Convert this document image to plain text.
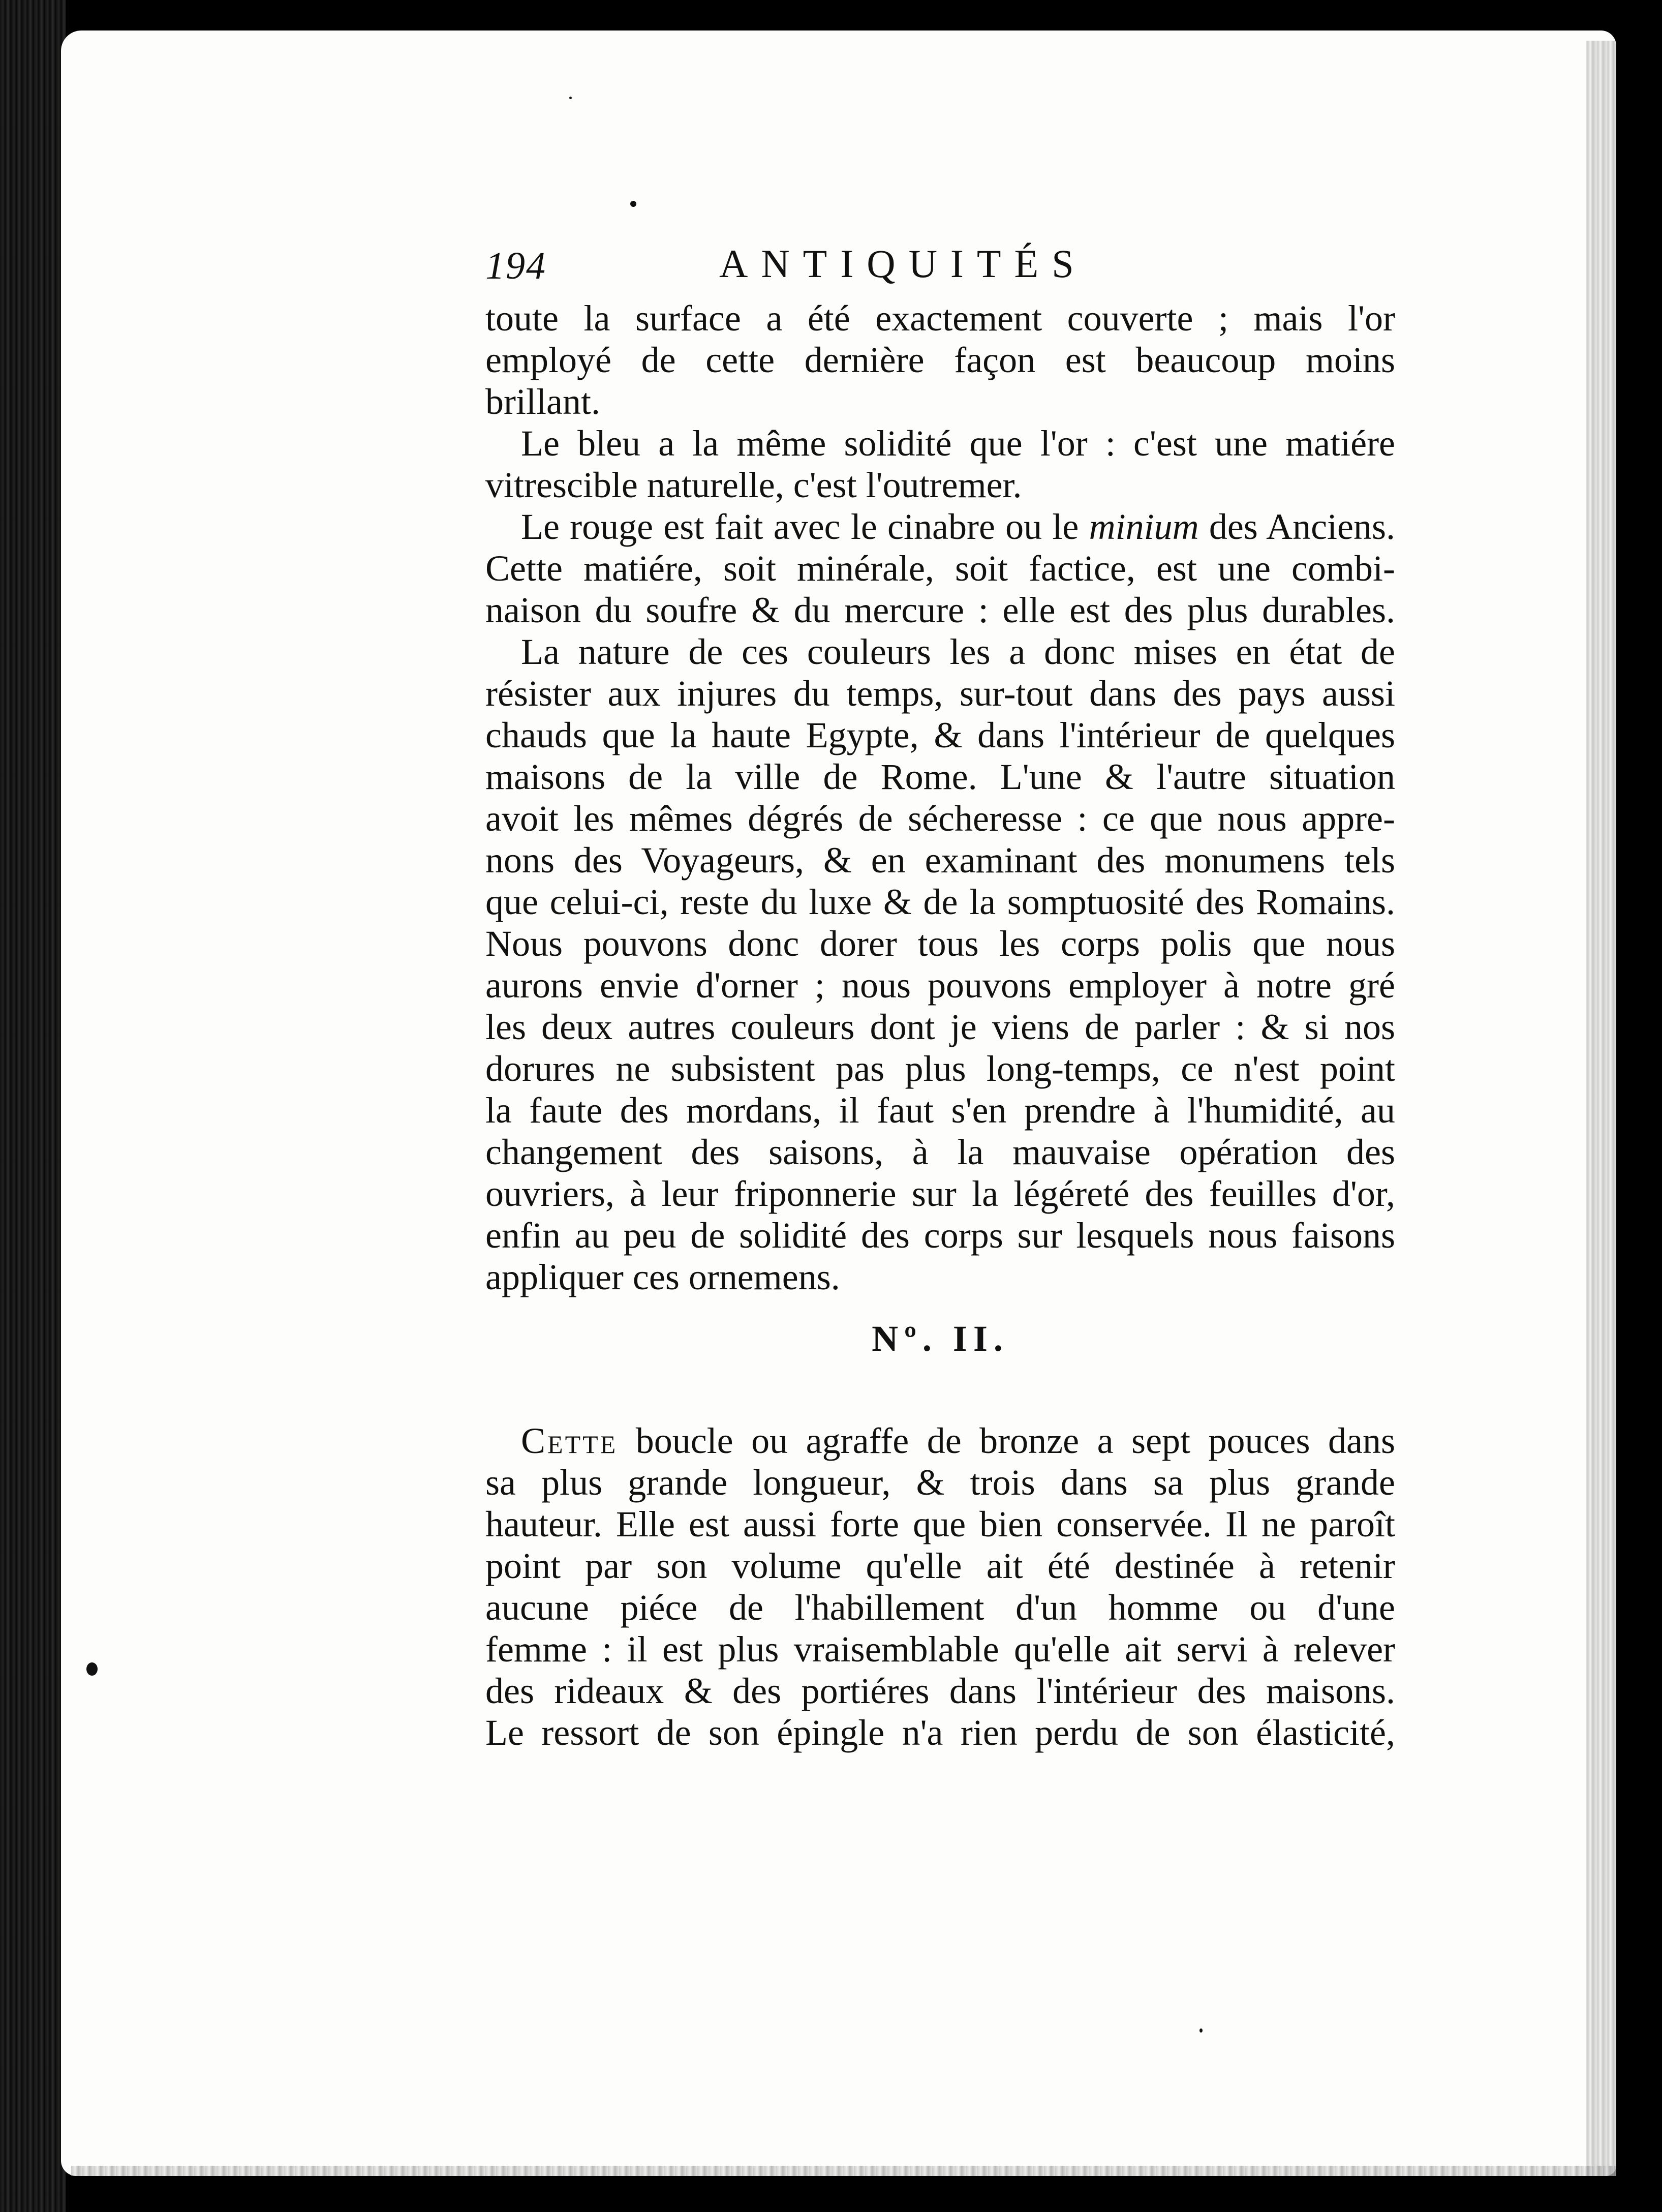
194	ANTIQUITÉS
toute la surface a été exactement couverte ; mais l'or
employé de cette dernière façon est beaucoup moins
brillant.
Le bleu a la même solidité que l'or : c'est une matiére
vitrescible naturelle, c'est l'outremer.
Le rouge est fait avec le cinabre ou le minium des Anciens.
Cette matiére, soit minérale, soit factice, est une combi-
naison du soufre & du mercure : elle est des plus durables.
La nature de ces couleurs les a donc mises en état de
résister aux injures du temps, sur-tout dans des pays aussi
chauds que la haute Egypte, & dans l'intérieur de quelques
maisons de la ville de Rome. L'une & l'autre situation
avoit les mêmes dégrés de sécheresse : ce que nous appre-
nons des Voyageurs, & en examinant des monumens tels
que celui-ci, reste du luxe & de la somptuosité des Romains.
Nous pouvons donc dorer tous les corps polis que nous
aurons envie d'orner ; nous pouvons employer à notre gré
les deux autres couleurs dont je viens de parler : & si nos
dorures ne subsistent pas plus long-temps, ce n'est point
la faute des mordans, il faut s'en prendre à l'humidité, au
changement des saisons, à la mauvaise opération des
ouvriers, à leur friponnerie sur la légéreté des feuilles d'or,
enfin au peu de solidité des corps sur lesquels nous faisons
appliquer ces ornemens.
Nº. II.
Cette boucle ou agraffe de bronze a sept pouces dans
sa plus grande longueur, & trois dans sa plus grande
hauteur. Elle est aussi forte que bien conservée. Il ne paroît
point par son volume qu'elle ait été destinée à retenir
aucune piéce de l'habillement d'un homme ou d'une
femme : il est plus vraisemblable qu'elle ait servi à relever
des rideaux & des portiéres dans l'intérieur des maisons.
Le ressort de son épingle n'a rien perdu de son élasticité,
